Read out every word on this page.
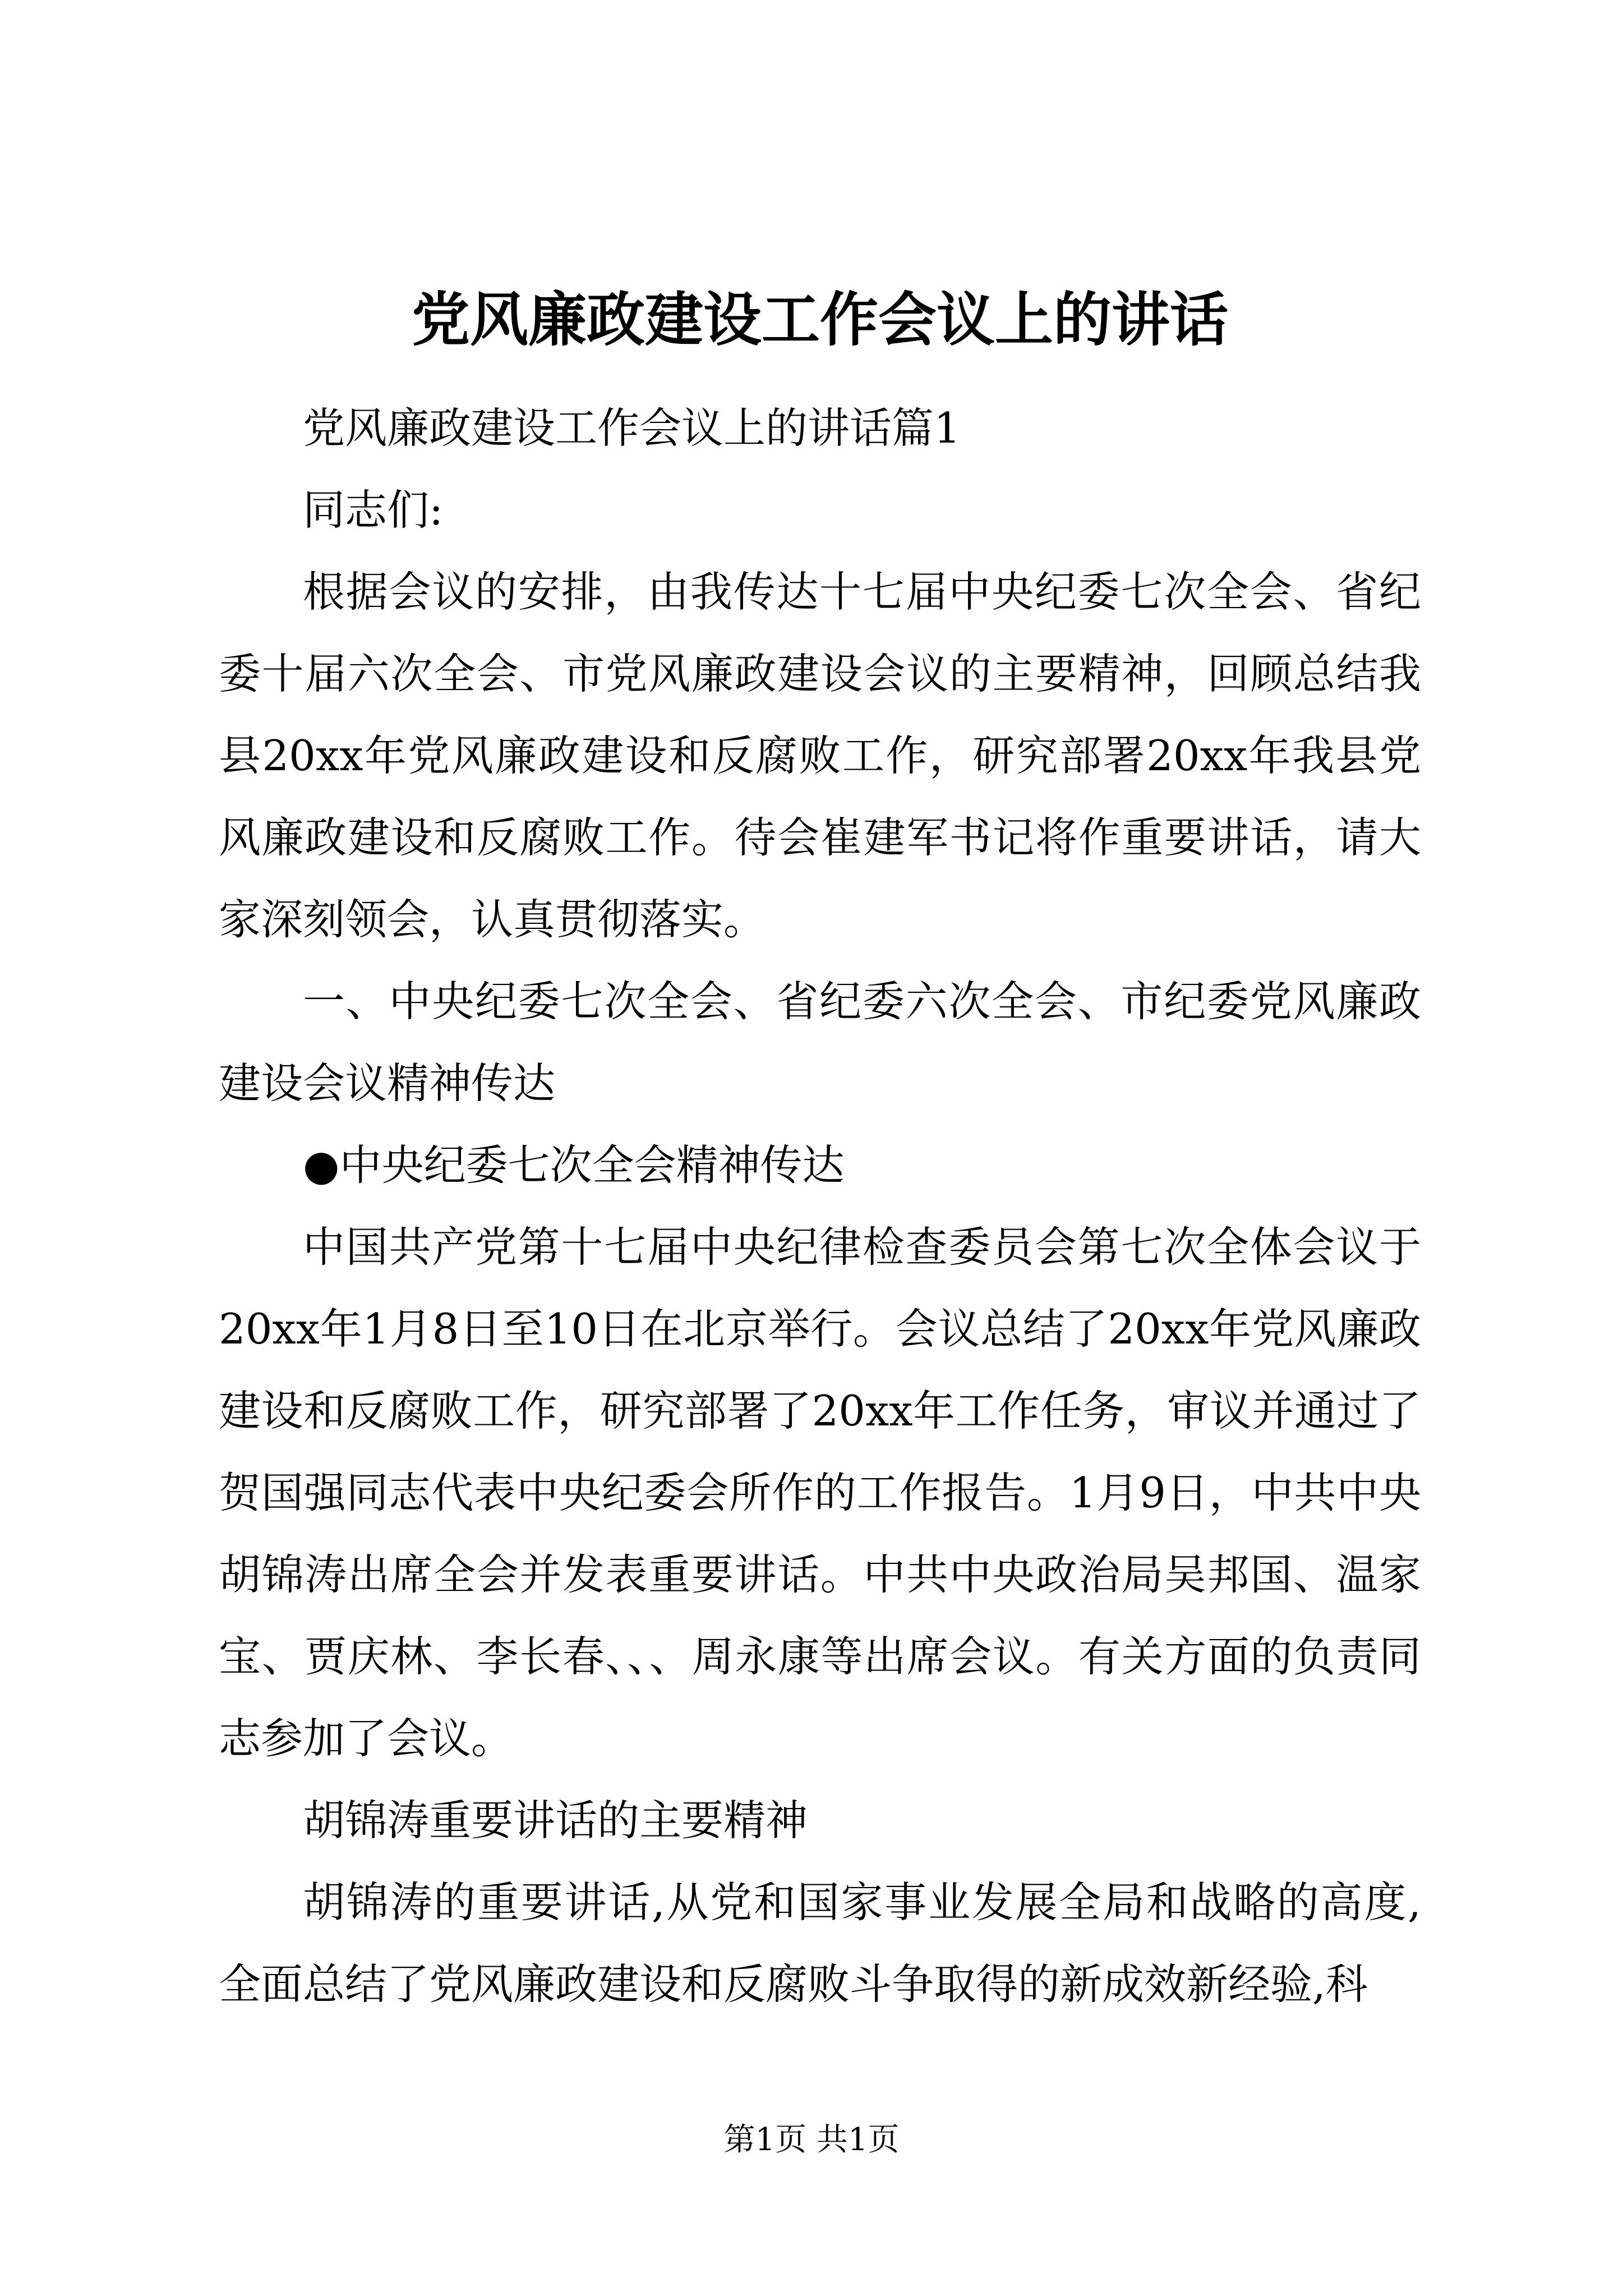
党风廉政建设工作会议上的讲话

党风廉政建设工作会议上的讲话篇1

同志们:

根据会议的安排，由我传达十七届中央纪委七次全会、省纪委十届六次全会、市党风廉政建设会议的主要精神，回顾总结我县20xx年党风廉政建设和反腐败工作，研究部署20xx年我县党风廉政建设和反腐败工作。待会崔建军书记将作重要讲话，请大家深刻领会，认真贯彻落实。

一、中央纪委七次全会、省纪委六次全会、市纪委党风廉政建设会议精神传达

●中央纪委七次全会精神传达

中国共产党第十七届中央纪律检查委员会第七次全体会议于20xx年1月8日至10日在北京举行。会议总结了20xx年党风廉政建设和反腐败工作，研究部署了20xx年工作任务，审议并通过了贺国强同志代表中央纪委会所作的工作报告。1月9日，中共中央胡锦涛出席全会并发表重要讲话。中共中央政治局吴邦国、温家宝、贾庆林、李长春、、、周永康等出席会议。有关方面的负责同志参加了会议。

胡锦涛重要讲话的主要精神

胡锦涛的重要讲话,从党和国家事业发展全局和战略的高度,全面总结了党风廉政建设和反腐败斗争取得的新成效新经验,科

第1页 共1页
